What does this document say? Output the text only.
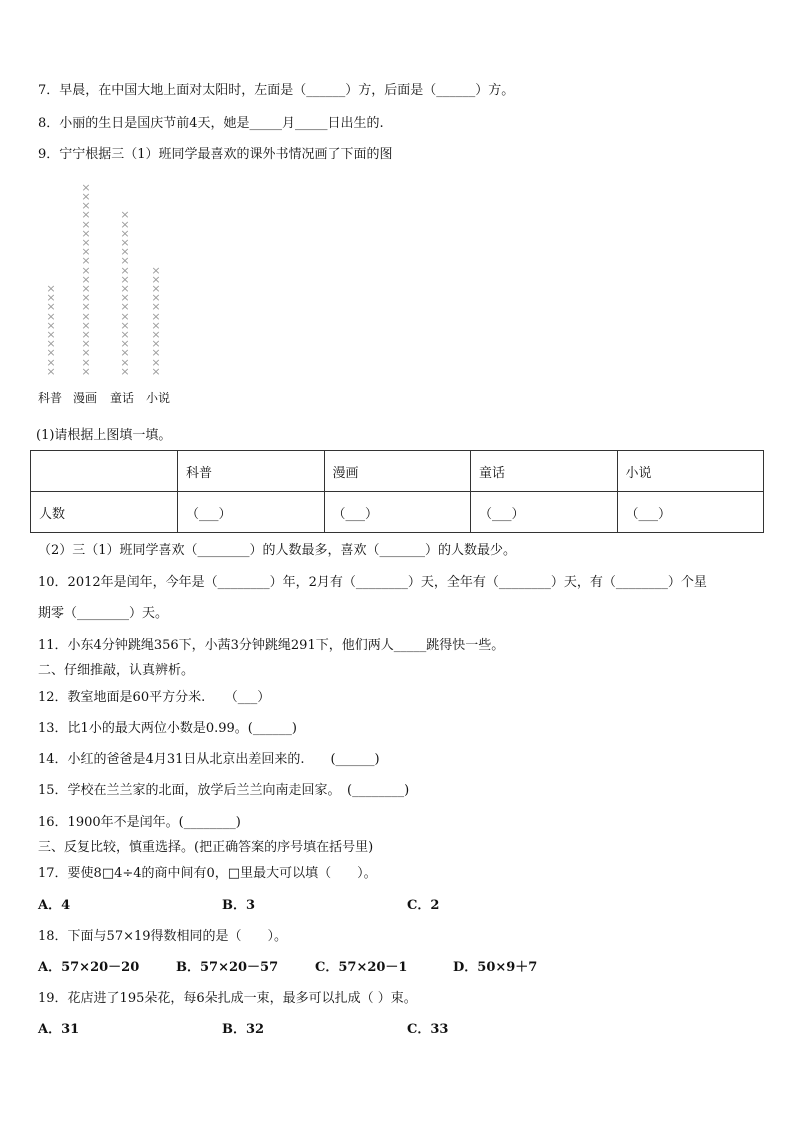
7．早晨，在中国大地上面对太阳时，左面是（______）方，后面是（______）方。
8．小丽的生日是国庆节前4天，她是_____月_____日出生的.
9．宁宁根据三（1）班同学最喜欢的课外书情况画了下面的图
×
×
×
×
×
×
×
×
×
×
×
×
×
×
×
×
×
×
×
×
×
×
×
×
×
×
×
×
×
×
×
×
×
×
×
×
×
×
×
×
×
×
×
×
×
×
×
×
×
×
×
×
×
×
×
×
×
×
×
×
×
科普 漫画 童话 小说
(1)请根据上图填一填。
	科普	漫画	童话	小说
人数	（___）	（___）	（___）	（___）
（2）三（1）班同学喜欢（________）的人数最多，喜欢（_______）的人数最少。
10．2012年是闰年，今年是（________）年，2月有（________）天，全年有（________）天，有（________）个星
期零（________）天。
11．小东4分钟跳绳356下，小茜3分钟跳绳291下，他们两人_____跳得快一些。
二、仔细推敲，认真辨析。
12．教室地面是60平方分米.　　（___）
13．比1小的最大两位小数是0.99。(______)
14．小红的爸爸是4月31日从北京出差回来的.　　(______)
15．学校在兰兰家的北面，放学后兰兰向南走回家。　(________)
16．1900年不是闰年。(________)
三、反复比较，慎重选择。(把正确答案的序号填在括号里)
17．要使8□4÷4的商中间有0，□里最大可以填（　　）。
A．4	B．3	C．2
18．下面与57×19得数相同的是（　　）。
A．57×20－20	B．57×20－57	C．57×20－1	D．50×9＋7
19．花店进了195朵花，每6朵扎成一束，最多可以扎成（ ）束。
A．31	B．32	C．33
